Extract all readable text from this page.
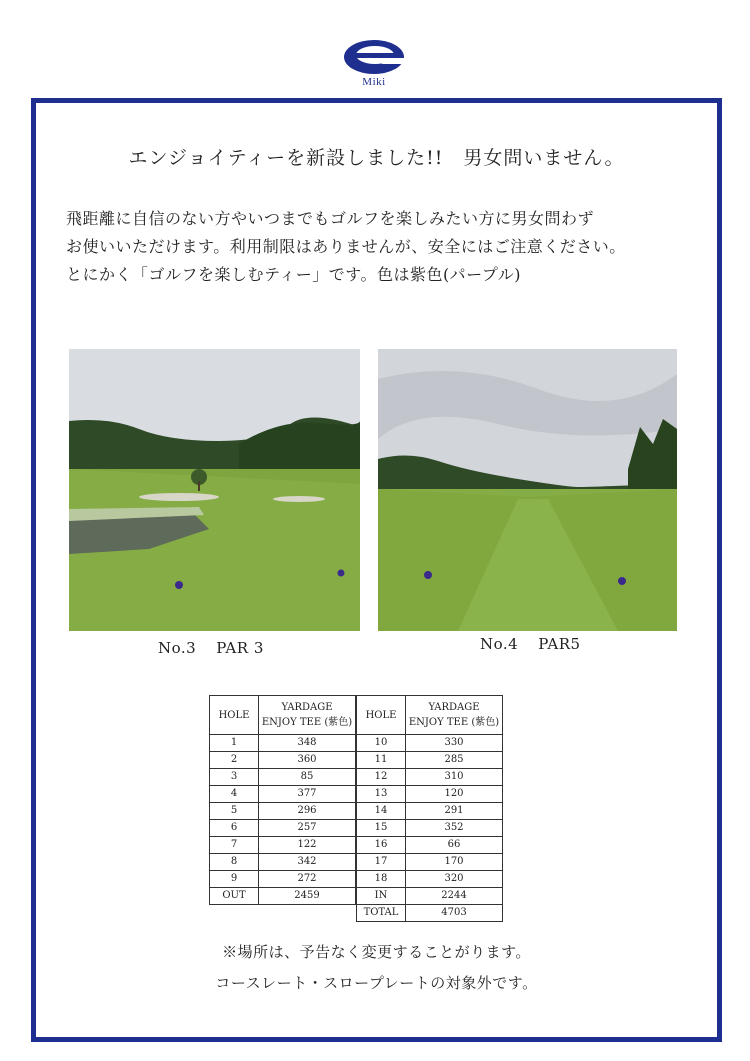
Miki
エンジョイティーを新設しました!!　男女問いません。

飛距離に自信のない方やいつまでもゴルフを楽しみたい方に男女問わず

お使いいただけます。利用制限はありませんが、安全にはご注意ください。

とにかく「ゴルフを楽しむティー」です。色は紫色(パープル)

No.3 PAR 3	No.4 PAR5
HOLE	YARDAGE
ENJOY TEE (紫色)
1	348
2	360
3	85
4	377
5	296
6	257
7	122
8	342
9	272
OUT	2459
HOLE	YARDAGE
ENJOY TEE (紫色)
10	330
11	285
12	310
13	120
14	291
15	352
16	66
17	170
18	320
IN	2244
TOTAL	4703

※場所は、予告なく変更することがります。

コースレート・スロープレートの対象外です。
